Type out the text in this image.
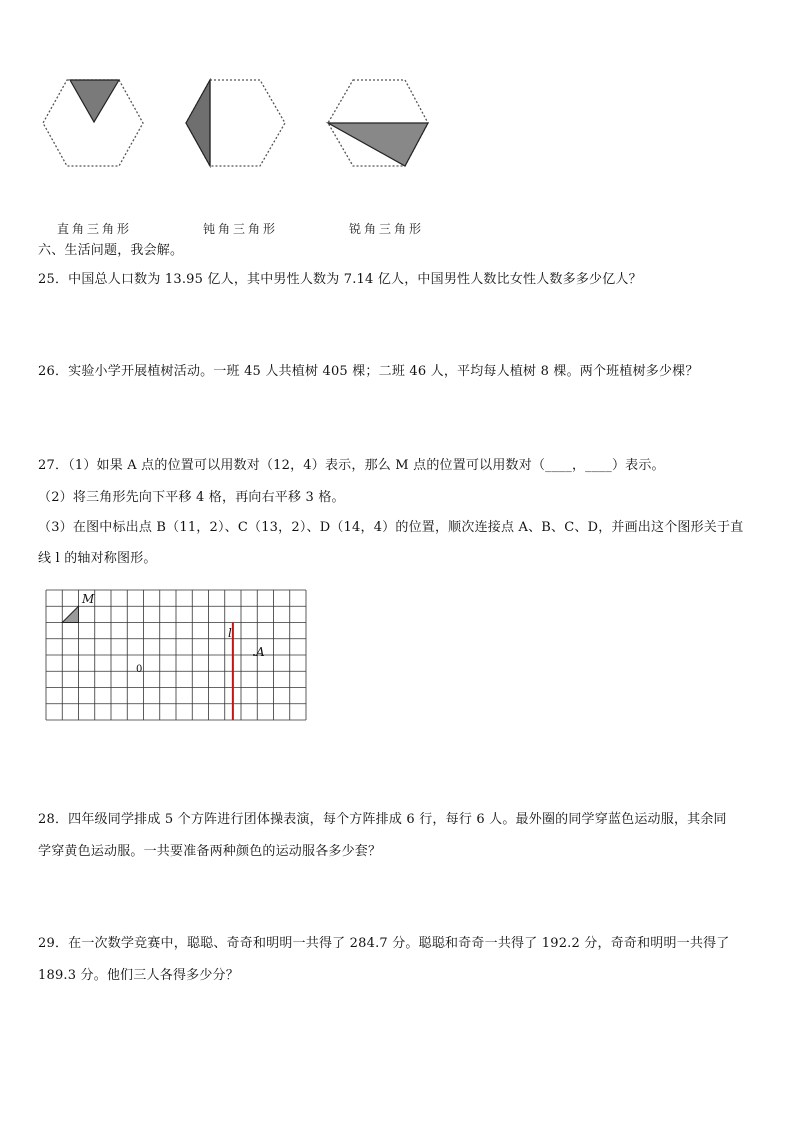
直角三角形	钝角三角形	锐角三角形
六、生活问题，我会解。
25．中国总人口数为 13.95 亿人，其中男性人数为 7.14 亿人，中国男性人数比女性人数多多少亿人？
26．实验小学开展植树活动。一班 45 人共植树 405 棵；二班 46 人，平均每人植树 8 棵。两个班植树多少棵？
27．（1）如果 A 点的位置可以用数对（12，4）表示，那么 M 点的位置可以用数对（____，____）表示。
（2）将三角形先向下平移 4 格，再向右平移 3 格。
（3）在图中标出点 B（11，2）、C（13，2）、D（14，4）的位置，顺次连接点 A、B、C、D，并画出这个图形关于直
线 l 的轴对称图形。
M
l
A
0
28．四年级同学排成 5 个方阵进行团体操表演，每个方阵排成 6 行，每行 6 人。最外圈的同学穿蓝色运动服，其余同
学穿黄色运动服。一共要准备两种颜色的运动服各多少套？
29．在一次数学竞赛中，聪聪、奇奇和明明一共得了 284.7 分。聪聪和奇奇一共得了 192.2 分，奇奇和明明一共得了
189.3 分。他们三人各得多少分？
